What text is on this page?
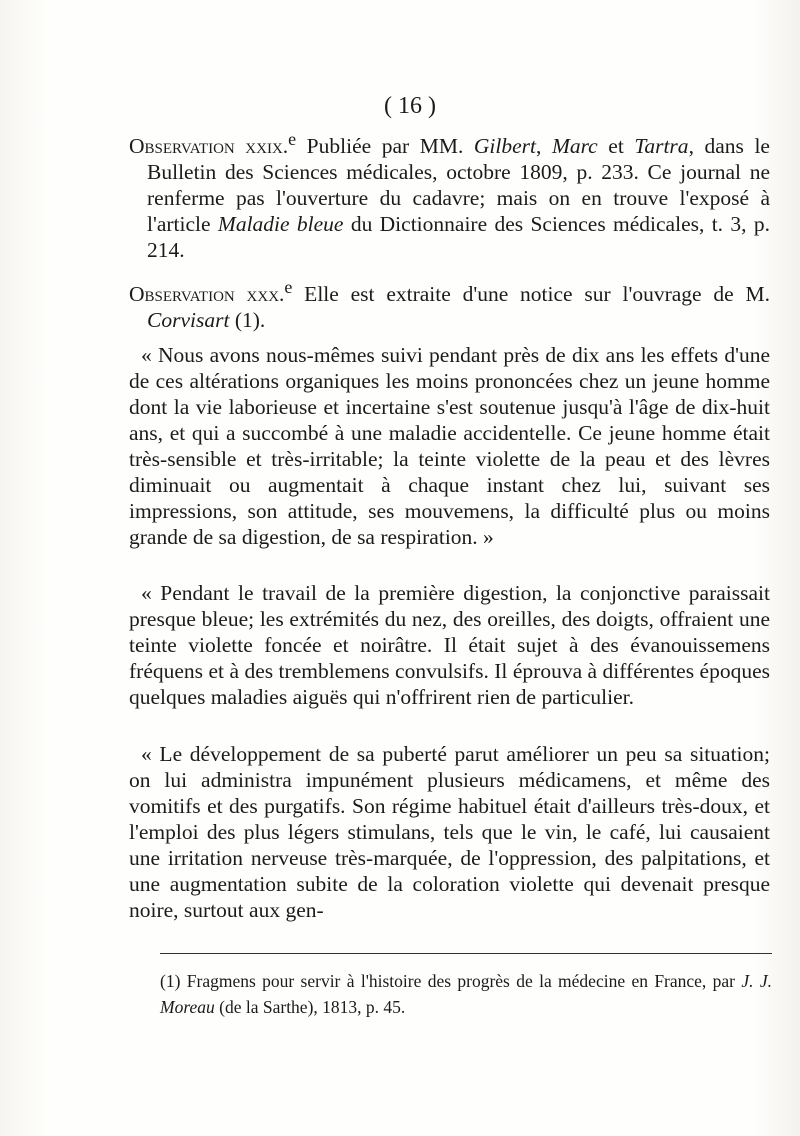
( 16 )
Observation xxix.$^e$ Publiée par MM. Gilbert, Marc et Tartra, dans le Bulletin des Sciences médicales, octobre 1809, p. 233. Ce journal ne renferme pas l'ouverture du cadavre; mais on en trouve l'exposé à l'article Maladie bleue du Dictionnaire des Sciences médicales, t. 3, p. 214.
Observation xxx.$^e$ Elle est extraite d'une notice sur l'ouvrage de M. Corvisart (1).
« Nous avons nous-mêmes suivi pendant près de dix ans les effets d'une de ces altérations organiques les moins prononcées chez un jeune homme dont la vie laborieuse et incertaine s'est soutenue jusqu'à l'âge de dix-huit ans, et qui a succombé à une maladie accidentelle. Ce jeune homme était très-sensible et très-irritable; la teinte violette de la peau et des lèvres diminuait ou augmentait à chaque instant chez lui, suivant ses impressions, son attitude, ses mouvemens, la difficulté plus ou moins grande de sa digestion, de sa respiration. »
« Pendant le travail de la première digestion, la conjonctive paraissait presque bleue; les extrémités du nez, des oreilles, des doigts, offraient une teinte violette foncée et noirâtre. Il était sujet à des évanouissemens fréquens et à des tremblemens convulsifs. Il éprouva à différentes époques quelques maladies aiguës qui n'offrirent rien de particulier.
« Le développement de sa puberté parut améliorer un peu sa situation; on lui administra impunément plusieurs médicamens, et même des vomitifs et des purgatifs. Son régime habituel était d'ailleurs très-doux, et l'emploi des plus légers stimulans, tels que le vin, le café, lui causaient une irritation nerveuse très-marquée, de l'oppression, des palpitations, et une augmentation subite de la coloration violette qui devenait presque noire, surtout aux gen-
(1) Fragmens pour servir à l'histoire des progrès de la médecine en France, par J. J. Moreau (de la Sarthe), 1813, p. 45.
